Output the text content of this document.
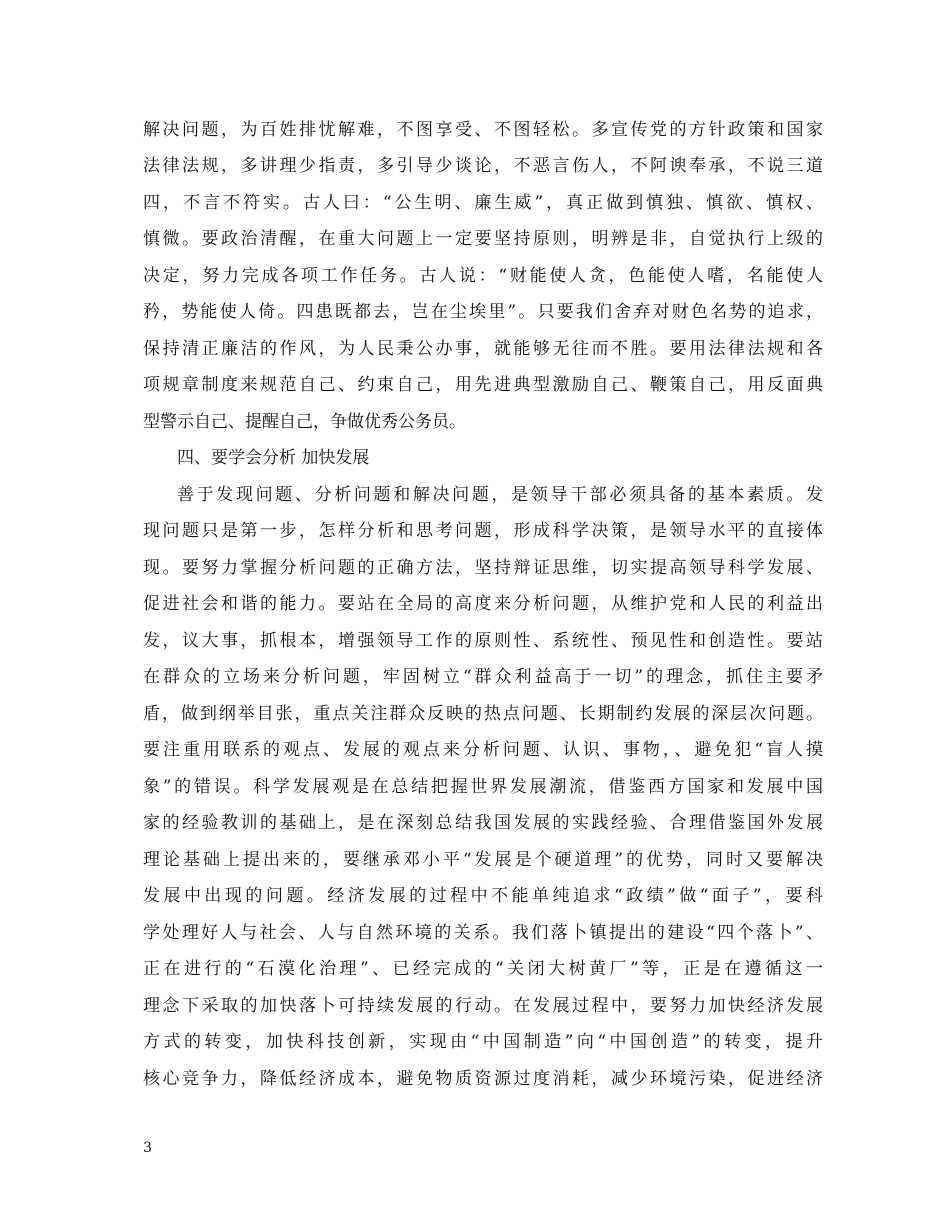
解决问题，为百姓排忧解难，不图享受、不图轻松。多宣传党的方针政策和国家
法律法规，多讲理少指责，多引导少谈论，不恶言伤人，不阿谀奉承，不说三道
四，不言不符实。古人曰：“公生明、廉生威”，真正做到慎独、慎欲、慎权、
慎微。要政治清醒，在重大问题上一定要坚持原则，明辨是非，自觉执行上级的
决定，努力完成各项工作任务。古人说：“财能使人贪，色能使人嗜，名能使人
矜，势能使人倚。四患既都去，岂在尘埃里”。只要我们舍弃对财色名势的追求，
保持清正廉洁的作风，为人民秉公办事，就能够无往而不胜。要用法律法规和各
项规章制度来规范自己、约束自己，用先进典型激励自己、鞭策自己，用反面典
型警示自己、提醒自己，争做优秀公务员。
四、要学会分析 加快发展
善于发现问题、分析问题和解决问题，是领导干部必须具备的基本素质。发
现问题只是第一步，怎样分析和思考问题，形成科学决策，是领导水平的直接体
现。要努力掌握分析问题的正确方法，坚持辩证思维，切实提高领导科学发展、
促进社会和谐的能力。要站在全局的高度来分析问题，从维护党和人民的利益出
发，议大事，抓根本，增强领导工作的原则性、系统性、预见性和创造性。要站
在群众的立场来分析问题，牢固树立“群众利益高于一切”的理念，抓住主要矛
盾，做到纲举目张，重点关注群众反映的热点问题、长期制约发展的深层次问题。
要注重用联系的观点、发展的观点来分析问题、认识、事物，、避免犯“盲人摸
象”的错误。科学发展观是在总结把握世界发展潮流，借鉴西方国家和发展中国
家的经验教训的基础上，是在深刻总结我国发展的实践经验、合理借鉴国外发展
理论基础上提出来的，要继承邓小平“发展是个硬道理”的优势，同时又要解决
发展中出现的问题。经济发展的过程中不能单纯追求“政绩”做“面子”，要科
学处理好人与社会、人与自然环境的关系。我们落卜镇提出的建设“四个落卜”、
正在进行的“石漠化治理”、已经完成的“关闭大树黄厂”等，正是在遵循这一
理念下采取的加快落卜可持续发展的行动。在发展过程中，要努力加快经济发展
方式的转变，加快科技创新，实现由“中国制造”向“中国创造”的转变，提升
核心竞争力，降低经济成本，避免物质资源过度消耗，减少环境污染，促进经济
3
